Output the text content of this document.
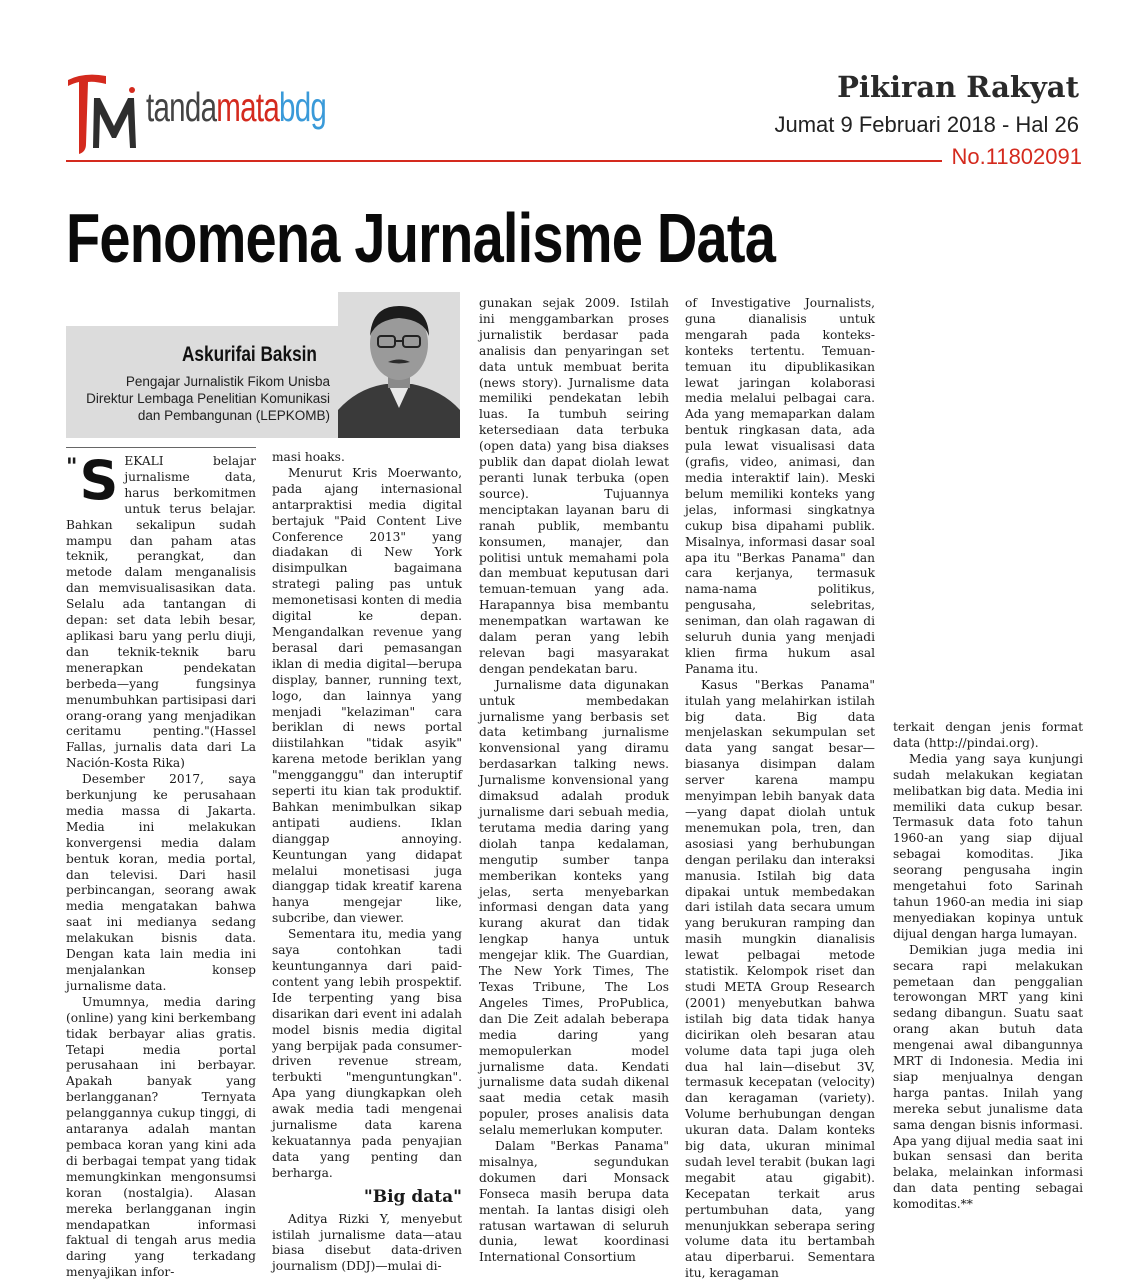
tandamatabdg	Pikiran Rakyat
Jumat 9 Februari 2018 - Hal 26
No.11802091
Fenomena Jurnalisme Data
Askurifai Baksin
Pengajar Jurnalistik Fikom Unisba
Direktur Lembaga Penelitian Komunikasi
dan Pembangunan (LEPKOMB)

" S EKALI belajar jurnalisme data, harus berkomitmen untuk terus belajar. Bahkan sekalipun sudah mampu dan paham atas teknik, perangkat, dan metode dalam menganalisis dan memvisualisasikan data. Selalu ada tantangan di depan: set data lebih besar, aplikasi baru yang perlu diuji, dan teknik-teknik baru menerapkan pendekatan berbeda—yang fungsinya menumbuhkan partisipasi dari orang-orang yang menjadikan ceritamu penting."(Hassel Fallas, jurnalis data dari La Nación-Kosta Rika)

Desember 2017, saya berkunjung ke perusahaan media massa di Jakarta. Media ini melakukan konvergensi media dalam bentuk koran, media portal, dan televisi. Dari hasil perbincangan, seorang awak media mengatakan bahwa saat ini medianya sedang melakukan bisnis data. Dengan kata lain media ini menjalankan konsep jurnalisme data.

Umumnya, media daring (online) yang kini berkembang tidak berbayar alias gratis. Tetapi media portal perusahaan ini berbayar. Apakah banyak yang berlangganan? Ternyata pelanggannya cukup tinggi, di antaranya adalah mantan pembaca koran yang kini ada di berbagai tempat yang tidak memungkinkan mengonsumsi koran (nostalgia). Alasan mereka berlangganan ingin mendapatkan informasi faktual di tengah arus media daring yang terkadang menyajikan infor-

masi hoaks.

Menurut Kris Moerwanto, pada ajang internasional antarpraktisi media digital bertajuk "Paid Content Live Conference 2013" yang diadakan di New York disimpulkan bagaimana strategi paling pas untuk memonetisasi konten di media digital ke depan. Mengandalkan revenue yang berasal dari pemasangan iklan di media digital—berupa display, banner, running text, logo, dan lainnya yang menjadi "kelaziman" cara beriklan di news portal diistilahkan "tidak asyik" karena metode beriklan yang "mengganggu" dan interuptif seperti itu kian tak produktif. Bahkan menimbulkan sikap antipati audiens. Iklan dianggap annoying. Keuntungan yang didapat melalui monetisasi juga dianggap tidak kreatif karena hanya mengejar like, subcribe, dan viewer.

Sementara itu, media yang saya contohkan tadi keuntungannya dari paid-content yang lebih prospektif. Ide terpenting yang bisa disarikan dari event ini adalah model bisnis media digital yang berpijak pada consumer-driven revenue stream, terbukti "menguntungkan". Apa yang diungkapkan oleh awak media tadi mengenai jurnalisme data karena kekuatannya pada penyajian data yang penting dan berharga.

"Big data"

Aditya Rizki Y, menyebut istilah jurnalisme data—atau biasa disebut data-driven journalism (DDJ)—mulai di-

gunakan sejak 2009. Istilah ini menggambarkan proses jurnalistik berdasar pada analisis dan penyaringan set data untuk membuat berita (news story). Jurnalisme data memiliki pendekatan lebih luas. Ia tumbuh seiring ketersediaan data terbuka (open data) yang bisa diakses publik dan dapat diolah lewat peranti lunak terbuka (open source). Tujuannya menciptakan layanan baru di ranah publik, membantu konsumen, manajer, dan politisi untuk memahami pola dan membuat keputusan dari temuan-temuan yang ada. Harapannya bisa membantu menempatkan wartawan ke dalam peran yang lebih relevan bagi masyarakat dengan pendekatan baru.

Jurnalisme data digunakan untuk membedakan jurnalisme yang berbasis set data ketimbang jurnalisme konvensional yang diramu berdasarkan talking news. Jurnalisme konvensional yang dimaksud adalah produk jurnalisme dari sebuah media, terutama media daring yang diolah tanpa kedalaman, mengutip sumber tanpa memberikan konteks yang jelas, serta menyebarkan informasi dengan data yang kurang akurat dan tidak lengkap hanya untuk mengejar klik. The Guardian, The New York Times, The Texas Tribune, The Los Angeles Times, ProPublica, dan Die Zeit adalah beberapa media daring yang memopulerkan model jurnalisme data. Kendati jurnalisme data sudah dikenal saat media cetak masih populer, proses analisis data selalu memerlukan komputer.

Dalam "Berkas Panama" misalnya, segundukan dokumen dari Monsack Fonseca masih berupa data mentah. Ia lantas disigi oleh ratusan wartawan di seluruh dunia, lewat koordinasi International Consortium

of Investigative Journalists, guna dianalisis untuk mengarah pada konteks-konteks tertentu. Temuan-temuan itu dipublikasikan lewat jaringan kolaborasi media melalui pelbagai cara. Ada yang memaparkan dalam bentuk ringkasan data, ada pula lewat visualisasi data (grafis, video, animasi, dan media interaktif lain). Meski belum memiliki konteks yang jelas, informasi singkatnya cukup bisa dipahami publik. Misalnya, informasi dasar soal apa itu "Berkas Panama" dan cara kerjanya, termasuk nama-nama politikus, pengusaha, selebritas, seniman, dan olah ragawan di seluruh dunia yang menjadi klien firma hukum asal Panama itu.

Kasus "Berkas Panama" itulah yang melahirkan istilah big data. Big data menjelaskan sekumpulan set data yang sangat besar—biasanya disimpan dalam server karena mampu menyimpan lebih banyak data—yang dapat diolah untuk menemukan pola, tren, dan asosiasi yang berhubungan dengan perilaku dan interaksi manusia. Istilah big data dipakai untuk membedakan dari istilah data secara umum yang berukuran ramping dan masih mungkin dianalisis lewat pelbagai metode statistik. Kelompok riset dan studi META Group Research (2001) menyebutkan bahwa istilah big data tidak hanya dicirikan oleh besaran atau volume data tapi juga oleh dua hal lain—disebut 3V, termasuk kecepatan (velocity) dan keragaman (variety). Volume berhubungan dengan ukuran data. Dalam konteks big data, ukuran minimal sudah level terabit (bukan lagi megabit atau gigabit). Kecepatan terkait arus pertumbuhan data, yang menunjukkan seberapa sering volume data itu bertambah atau diperbarui. Sementara itu, keragaman

terkait dengan jenis format data (http://pindai.org).

Media yang saya kunjungi sudah melakukan kegiatan melibatkan big data. Media ini memiliki data cukup besar. Termasuk data foto tahun 1960-an yang siap dijual sebagai komoditas. Jika seorang pengusaha ingin mengetahui foto Sarinah tahun 1960-an media ini siap menyediakan kopinya untuk dijual dengan harga lumayan.

Demikian juga media ini secara rapi melakukan pemetaan dan penggalian terowongan MRT yang kini sedang dibangun. Suatu saat orang akan butuh data mengenai awal dibangunnya MRT di Indonesia. Media ini siap menjualnya dengan harga pantas. Inilah yang mereka sebut junalisme data sama dengan bisnis informasi. Apa yang dijual media saat ini bukan sensasi dan berita belaka, melainkan informasi dan data penting sebagai komoditas.**
